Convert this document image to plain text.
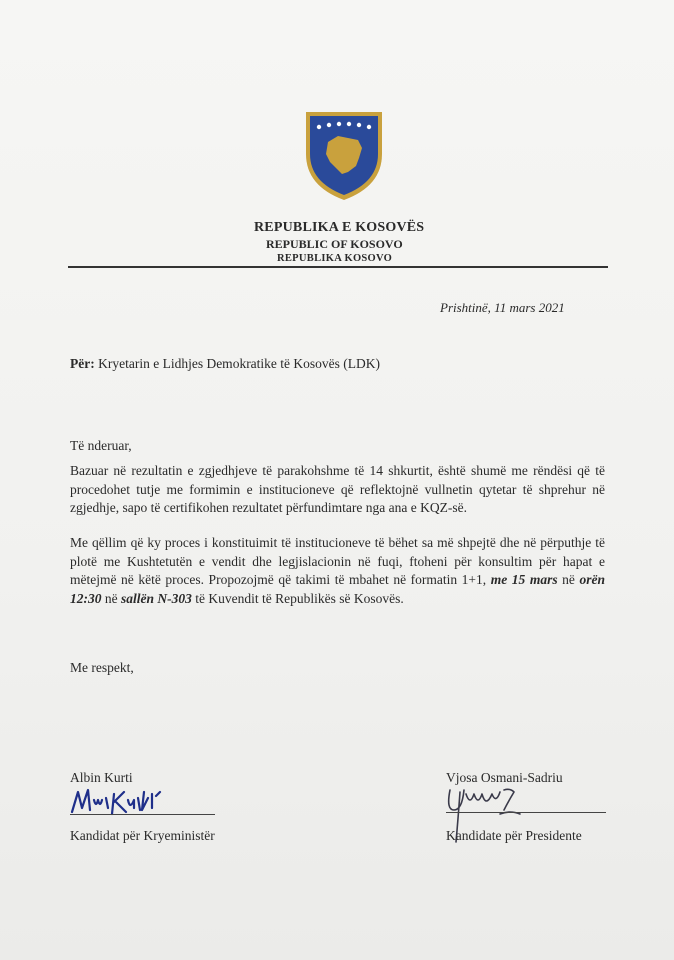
REPUBLIKA E KOSOVËS
REPUBLIC OF KOSOVO
REPUBLIKA KOSOVO
Prishtinë, 11 mars 2021
Për: Kryetarin e Lidhjes Demokratike të Kosovës (LDK)
Të nderuar,
Bazuar në rezultatin e zgjedhjeve të parakohshme të 14 shkurtit, është shumë me rëndësi që të procedohet tutje me formimin e institucioneve që reflektojnë vullnetin qytetar të shprehur në zgjedhje, sapo të certifikohen rezultatet përfundimtare nga ana e KQZ-së.
Me qëllim që ky proces i konstituimit të institucioneve të bëhet sa më shpejtë dhe në përputhje të plotë me Kushtetutën e vendit dhe legjislacionin në fuqi, ftoheni për konsultim për hapat e mëtejmë në këtë proces. Propozojmë që takimi të mbahet në formatin 1+1, me 15 mars në orën 12:30 në sallën N-303 të Kuvendit të Republikës së Kosovës.
Me respekt,
Albin Kurti
Kandidat për Kryeministër
Vjosa Osmani-Sadriu
Kandidate për Presidente
